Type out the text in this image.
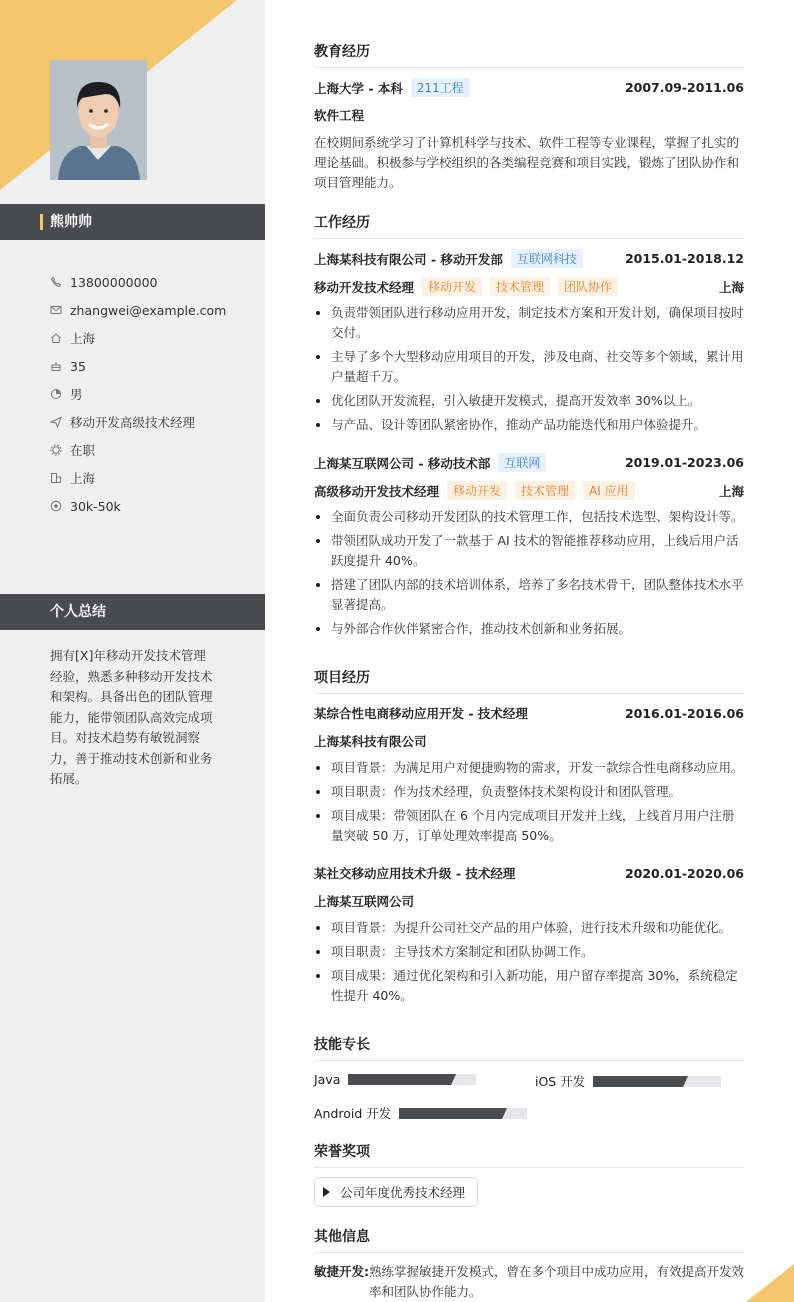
熊帅帅
13800000000
zhangwei@example.com
上海
35
男
移动开发高级技术经理
在职
上海
30k-50k
个人总结
拥有[X]年移动开发技术管理经验，熟悉多种移动开发技术和架构。具备出色的团队管理能力，能带领团队高效完成项目。对技术趋势有敏锐洞察力，善于推动技术创新和业务拓展。
教育经历
上海大学 - 本科	211工程	2007.09-2011.06
软件工程
在校期间系统学习了计算机科学与技术、软件工程等专业课程，掌握了扎实的理论基础。积极参与学校组织的各类编程竞赛和项目实践，锻炼了团队协作和项目管理能力。
工作经历
上海某科技有限公司 - 移动开发部	互联网科技	2015.01-2018.12
移动开发技术经理	移动开发	技术管理	团队协作	上海
负责带领团队进行移动应用开发，制定技术方案和开发计划，确保项目按时交付。
主导了多个大型移动应用项目的开发，涉及电商、社交等多个领域，累计用户量超千万。
优化团队开发流程，引入敏捷开发模式，提高开发效率 30%以上。
与产品、设计等团队紧密协作，推动产品功能迭代和用户体验提升。
上海某互联网公司 - 移动技术部	互联网	2019.01-2023.06
高级移动开发技术经理	移动开发	技术管理	AI 应用	上海
全面负责公司移动开发团队的技术管理工作，包括技术选型、架构设计等。
带领团队成功开发了一款基于 AI 技术的智能推荐移动应用，上线后用户活跃度提升 40%。
搭建了团队内部的技术培训体系，培养了多名技术骨干，团队整体技术水平显著提高。
与外部合作伙伴紧密合作，推动技术创新和业务拓展。
项目经历
某综合性电商移动应用开发 - 技术经理	2016.01-2016.06
上海某科技有限公司
项目背景：为满足用户对便捷购物的需求，开发一款综合性电商移动应用。
项目职责：作为技术经理，负责整体技术架构设计和团队管理。
项目成果：带领团队在 6 个月内完成项目开发并上线，上线首月用户注册量突破 50 万，订单处理效率提高 50%。
某社交移动应用技术升级 - 技术经理	2020.01-2020.06
上海某互联网公司
项目背景：为提升公司社交产品的用户体验，进行技术升级和功能优化。
项目职责：主导技术方案制定和团队协调工作。
项目成果：通过优化架构和引入新功能，用户留存率提高 30%，系统稳定性提升 40%。
技能专长
Java	iOS 开发
Android 开发
荣誉奖项
公司年度优秀技术经理
其他信息
敏捷开发: 熟练掌握敏捷开发模式，曾在多个项目中成功应用，有效提高开发效率和团队协作能力。
